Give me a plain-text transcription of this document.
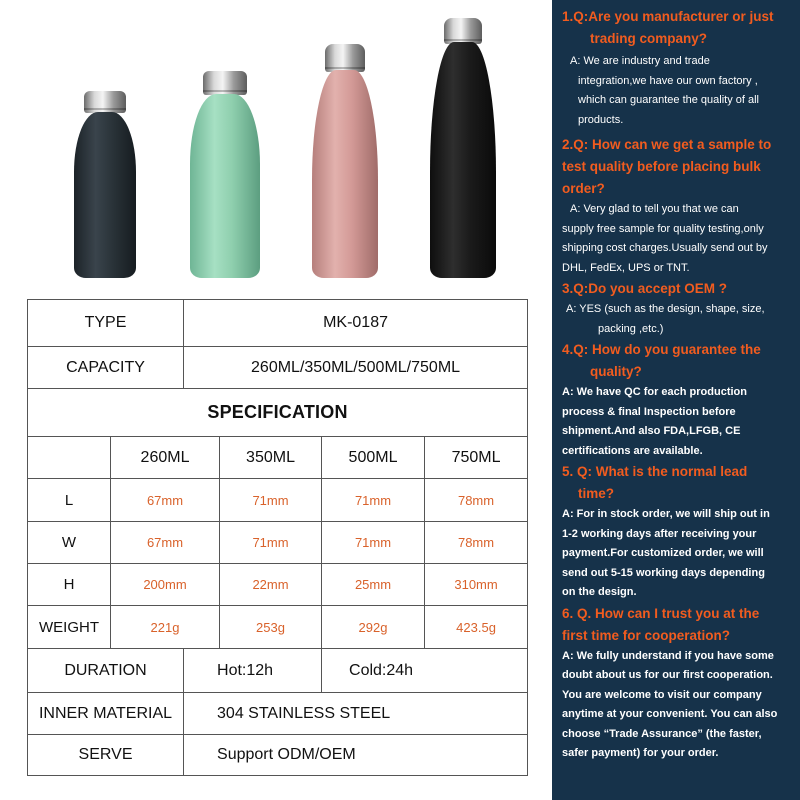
TYPE		MK-0187			
CAPACITY		260ML/350ML/500ML/750ML			
SPECIFICATION					
	260ML		350ML	500ML	750ML
L	67mm		71mm	71mm	78mm
W	67mm		71mm	71mm	78mm
H	200mm		22mm	25mm	310mm
WEIGHT	221g		253g	292g	423.5g
DURATION		Hot:12h		Cold:24h	
INNER MATERIAL		304 STAINLESS STEEL			
SERVE		Support ODM/OEM			
1.Q:Are you manufacturer or just
trading company?
A: We are industry and trade
integration,we have our own factory ,
which can guarantee the quality of all
products.
2.Q: How can we get a sample to
test quality before placing bulk
order?
A: Very glad to tell you that we can
supply free sample for quality testing,only
shipping cost charges.Usually send out by
DHL, FedEx, UPS or TNT.
3.Q:Do you accept OEM ?
A: YES (such as the design, shape, size,
packing ,etc.)
4.Q: How do you guarantee the
quality?
A: We have QC for each production
process & final Inspection before
shipment.And also FDA,LFGB, CE
certifications are available.
5. Q: What is the normal lead
time?
A: For in stock order, we will ship out in
1-2 working days after receiving your
payment.For customized order, we will
send out 5-15 working days depending
on the design.
6. Q. How can I trust you at the
first time for cooperation?
A: We fully understand if you have some
doubt about us for our first cooperation.
You are welcome to visit our company
anytime at your convenient. You can also
choose “Trade Assurance” (the faster,
safer payment) for your order.
